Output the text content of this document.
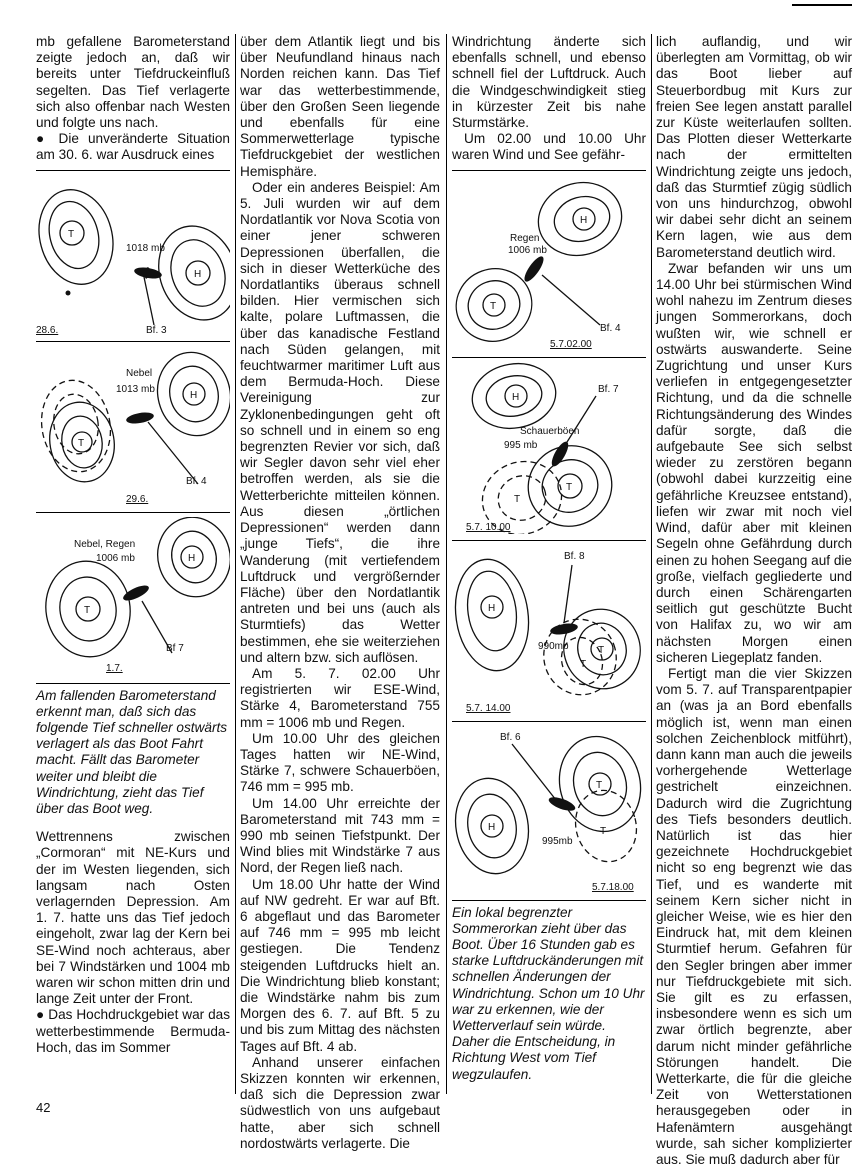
mb gefallene Barometerstand zeigte jedoch an, daß wir bereits unter Tiefdruckeinfluß segelten. Das Tief verlagerte sich also offenbar nach Westen und folgte uns nach.

● Die unveränderte Situation am 30. 6. war Ausdruck eines

T
H
1018 mb
Bf. 3
28.6.
T
H
Nebel
1013 mb
Bf. 4
29.6.
T
H
Nebel, Regen
1006 mb
Bf 7
1.7.

Am fallenden Barometerstand erkennt man, daß sich das folgende Tief schneller ostwärts verlagert als das Boot Fahrt macht. Fällt das Barometer weiter und bleibt die Windrichtung, zieht das Tief über das Boot weg.

Wettrennens zwischen „Cormoran“ mit NE-Kurs und der im Westen liegenden, sich langsam nach Osten verlagernden Depression. Am 1. 7. hatte uns das Tief jedoch eingeholt, zwar lag der Kern bei SE-Wind noch achteraus, aber bei 7 Windstärken und 1004 mb waren wir schon mitten drin und lange Zeit unter der Front.

● Das Hochdruckgebiet war das wetterbestimmende Bermuda-Hoch, das im Sommer

über dem Atlantik liegt und bis über Neufundland hinaus nach Norden reichen kann. Das Tief war das wetterbestimmende, über den Großen Seen liegende und ebenfalls für eine Sommerwetterlage typische Tiefdruckgebiet der westlichen Hemisphäre.

Oder ein anderes Beispiel: Am 5. Juli wurden wir auf dem Nordatlantik vor Nova Scotia von einer jener schweren Depressionen überfallen, die sich in dieser Wetterküche des Nordatlantiks überaus schnell bilden. Hier vermischen sich kalte, polare Luftmassen, die über das kanadische Festland nach Süden gelangen, mit feuchtwarmer maritimer Luft aus dem Bermuda-Hoch. Diese Vereinigung zur Zyklonenbedingungen geht oft so schnell und in einem so eng begrenzten Revier vor sich, daß wir Segler davon sehr viel eher betroffen werden, als sie die Wetterberichte mitteilen können. Aus diesen „örtlichen Depressionen“ werden dann „junge Tiefs“, die ihre Wanderung (mit vertiefendem Luftdruck und vergrößernder Fläche) über den Nordatlantik antreten und bei uns (auch als Sturmtiefs) das Wetter bestimmen, ehe sie weiterziehen und altern bzw. sich auflösen.

Am 5. 7. 02.00 Uhr registrierten wir ESE-Wind, Stärke 4, Barometerstand 755 mm = 1006 mb und Regen.

Um 10.00 Uhr des gleichen Tages hatten wir NE-Wind, Stärke 7, schwere Schauerböen, 746 mm = 995 mb.

Um 14.00 Uhr erreichte der Barometerstand mit 743 mm = 990 mb seinen Tiefstpunkt. Der Wind blies mit Windstärke 7 aus Nord, der Regen ließ nach.

Um 18.00 Uhr hatte der Wind auf NW gedreht. Er war auf Bft. 6 abgeflaut und das Barometer auf 746 mm = 995 mb leicht gestiegen. Die Tendenz steigenden Luftdrucks hielt an. Die Windrichtung blieb konstant; die Windstärke nahm bis zum Morgen des 6. 7. auf Bft. 5 zu und bis zum Mittag des nächsten Tages auf Bft. 4 ab.

Anhand unserer einfachen Skizzen konnten wir erkennen, daß sich die Depression zwar südwestlich von uns aufgebaut hatte, aber sich schnell nordostwärts verlagerte. Die

Windrichtung änderte sich ebenfalls schnell, und ebenso schnell fiel der Luftdruck. Auch die Windgeschwindigkeit stieg in kürzester Zeit bis nahe Sturmstärke.

Um 02.00 und 10.00 Uhr waren Wind und See gefähr-

H
T
Regen
1006 mb
Bf. 4
5.7.02.00
H
T
T
Bf. 7
Schauerböen
995 mb
5.7. 10.00
H
T
T
Bf. 8
990mb
5.7. 14.00
H
T
T
Bf. 6
995mb
5.7.18.00

Ein lokal begrenzter Sommerorkan zieht über das Boot. Über 16 Stunden gab es starke Luftdruckänderungen mit schnellen Änderungen der Windrichtung. Schon um 10 Uhr war zu erkennen, wie der Wetterverlauf sein würde. Daher die Entscheidung, in Richtung West vom Tief wegzulaufen.

lich auflandig, und wir überlegten am Vormittag, ob wir das Boot lieber auf Steuerbordbug mit Kurs zur freien See legen anstatt parallel zur Küste weiterlaufen sollten. Das Plotten dieser Wetterkarte nach der ermittelten Windrichtung zeigte uns jedoch, daß das Sturmtief zügig südlich von uns hindurchzog, obwohl wir dabei sehr dicht an seinem Kern lagen, wie aus dem Barometerstand deutlich wird.

Zwar befanden wir uns um 14.00 Uhr bei stürmischen Wind wohl nahezu im Zentrum dieses jungen Sommerorkans, doch wußten wir, wie schnell er ostwärts auswanderte. Seine Zugrichtung und unser Kurs verliefen in entgegengesetzter Richtung, und da die schnelle Richtungsänderung des Windes dafür sorgte, daß die aufgebaute See sich selbst wieder zu zerstören begann (obwohl dabei kurzzeitig eine gefährliche Kreuzsee entstand), liefen wir zwar mit noch viel Wind, dafür aber mit kleinen Segeln ohne Gefährdung durch einen zu hohen Seegang auf die große, vielfach gegliederte und durch einen Schärengarten seitlich gut geschützte Bucht von Halifax zu, wo wir am nächsten Morgen einen sicheren Liegeplatz fanden.

Fertigt man die vier Skizzen vom 5. 7. auf Transparentpapier an (was ja an Bord ebenfalls möglich ist, wenn man einen solchen Zeichenblock mitführt), dann kann man auch die jeweils vorhergehende Wetterlage gestrichelt einzeichnen. Dadurch wird die Zugrichtung des Tiefs besonders deutlich. Natürlich ist das hier gezeichnete Hochdruckgebiet nicht so eng begrenzt wie das Tief, und es wanderte mit seinem Kern sicher nicht in gleicher Weise, wie es hier den Eindruck hat, mit dem kleinen Sturmtief herum. Gefahren für den Segler bringen aber immer nur Tiefdruckgebiete mit sich. Sie gilt es zu erfassen, insbesondere wenn es sich um zwar örtlich begrenzte, aber darum nicht minder gefährliche Störungen handelt. Die Wetterkarte, die für die gleiche Zeit von Wetterstationen herausgegeben oder in Hafenämtern ausgehängt wurde, sah sicher komplizierter aus. Sie muß dadurch aber für

42
